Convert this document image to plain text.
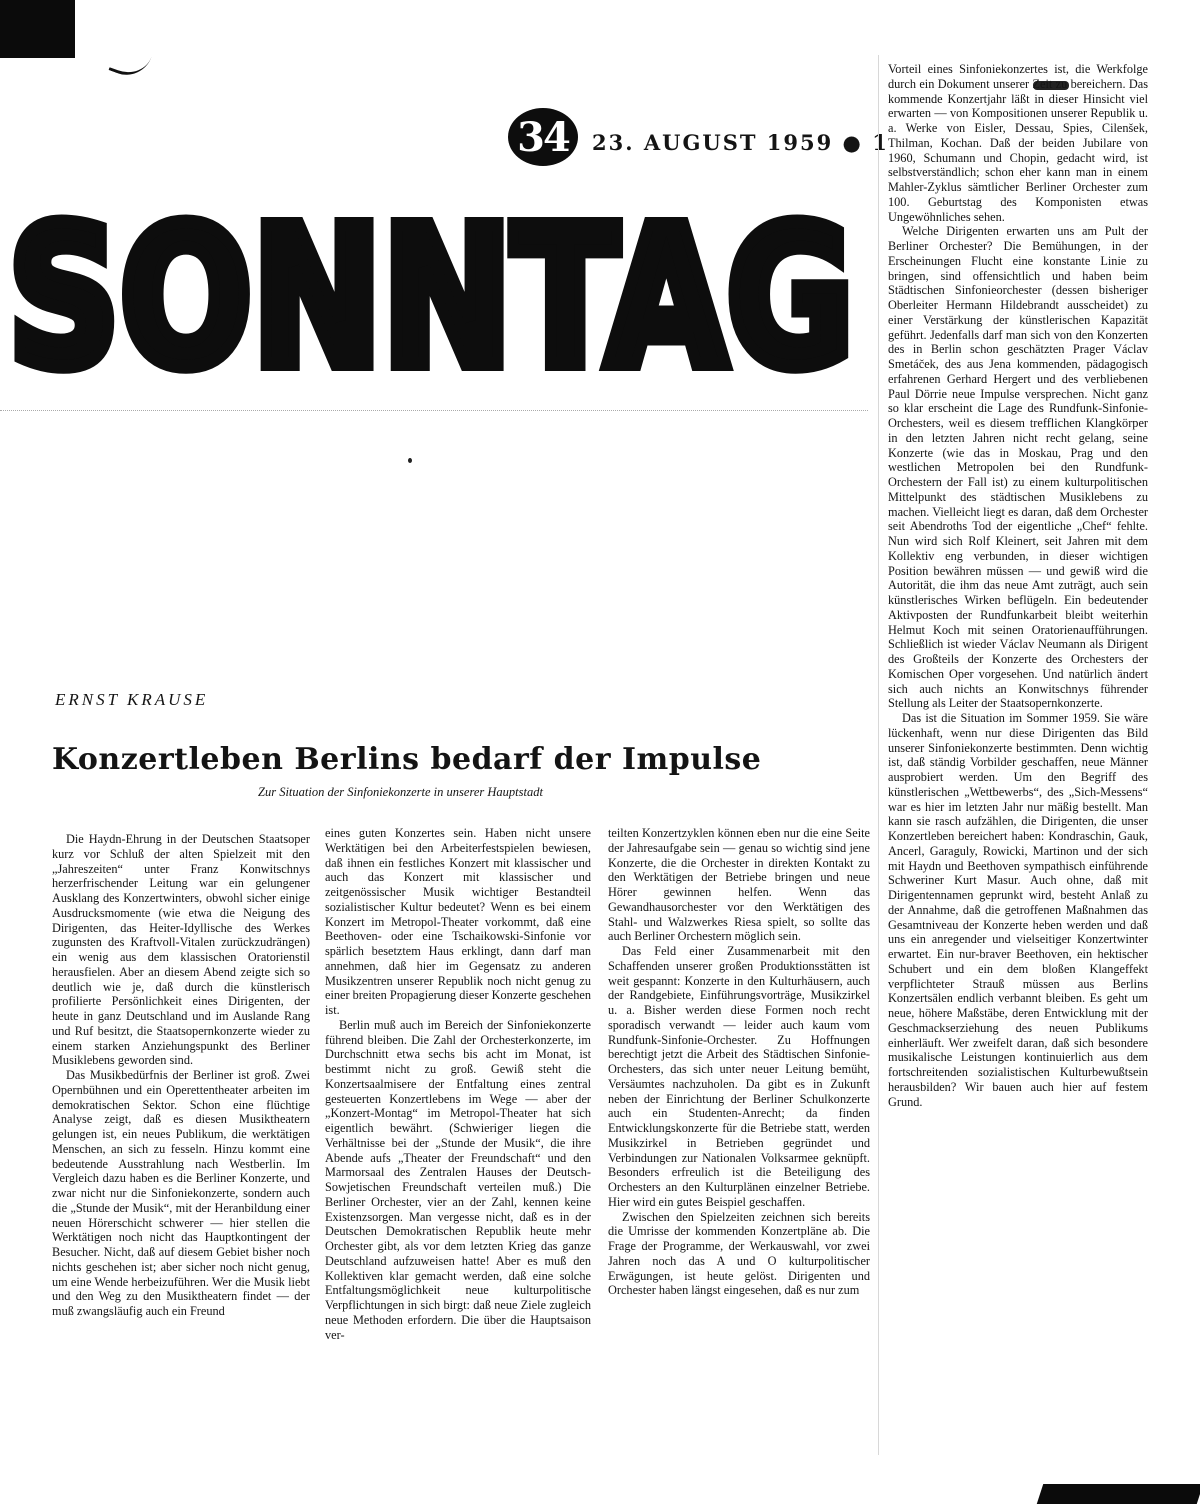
34 23. AUGUST 1959 ● 1
SONNTAG
ERNST KRAUSE
Konzertleben Berlins bedarf der Impulse
Zur Situation der Sinfoniekonzerte in unserer Hauptstadt

Die Haydn-Ehrung in der Deutschen Staatsoper kurz vor Schluß der alten Spielzeit mit den „Jahreszeiten“ unter Franz Konwitschnys herzerfrischender Leitung war ein gelungener Ausklang des Konzertwinters, obwohl sicher einige Ausdrucksmomente (wie etwa die Neigung des Dirigenten, das Heiter-Idyllische des Werkes zugunsten des Kraftvoll-Vitalen zurückzudrängen) ein wenig aus dem klassischen Oratorienstil herausfielen. Aber an diesem Abend zeigte sich so deutlich wie je, daß durch die künstlerisch profilierte Persönlichkeit eines Dirigenten, der heute in ganz Deutschland und im Auslande Rang und Ruf besitzt, die Staatsopernkonzerte wieder zu einem starken Anziehungspunkt des Berliner Musiklebens geworden sind.

Das Musikbedürfnis der Berliner ist groß. Zwei Opernbühnen und ein Operettentheater arbeiten im demokratischen Sektor. Schon eine flüchtige Analyse zeigt, daß es diesen Musiktheatern gelungen ist, ein neues Publikum, die werktätigen Menschen, an sich zu fesseln. Hinzu kommt eine bedeutende Ausstrahlung nach Westberlin. Im Vergleich dazu haben es die Berliner Konzerte, und zwar nicht nur die Sinfoniekonzerte, sondern auch die „Stunde der Musik“, mit der Heranbildung einer neuen Hörerschicht schwerer — hier stellen die Werktätigen noch nicht das Hauptkontingent der Besucher. Nicht, daß auf diesem Gebiet bisher noch nichts geschehen ist; aber sicher noch nicht genug, um eine Wende herbeizuführen. Wer die Musik liebt und den Weg zu den Musiktheatern findet — der muß zwangsläufig auch ein Freund

eines guten Konzertes sein. Haben nicht unsere Werktätigen bei den Arbeiterfestspielen bewiesen, daß ihnen ein festliches Konzert mit klassischer und auch das Konzert mit klassischer und zeitgenössischer Musik wichtiger Bestandteil sozialistischer Kultur bedeutet? Wenn es bei einem Konzert im Metropol-Theater vorkommt, daß eine Beethoven- oder eine Tschaikowski-Sinfonie vor spärlich besetztem Haus erklingt, dann darf man annehmen, daß hier im Gegensatz zu anderen Musikzentren unserer Republik noch nicht genug zu einer breiten Propagierung dieser Konzerte geschehen ist.

Berlin muß auch im Bereich der Sinfoniekonzerte führend bleiben. Die Zahl der Orchesterkonzerte, im Durchschnitt etwa sechs bis acht im Monat, ist bestimmt nicht zu groß. Gewiß steht die Konzertsaalmisere der Entfaltung eines zentral gesteuerten Konzertlebens im Wege — aber der „Konzert-Montag“ im Metropol-Theater hat sich eigentlich bewährt. (Schwieriger liegen die Verhältnisse bei der „Stunde der Musik“, die ihre Abende aufs „Theater der Freundschaft“ und den Marmorsaal des Zentralen Hauses der Deutsch-Sowjetischen Freundschaft verteilen muß.) Die Berliner Orchester, vier an der Zahl, kennen keine Existenzsorgen. Man vergesse nicht, daß es in der Deutschen Demokratischen Republik heute mehr Orchester gibt, als vor dem letzten Krieg das ganze Deutschland aufzuweisen hatte! Aber es muß den Kollektiven klar gemacht werden, daß eine solche Entfaltungsmöglichkeit neue kulturpolitische Verpflichtungen in sich birgt: daß neue Ziele zugleich neue Methoden erfordern. Die über die Hauptsaison ver-

teilten Konzertzyklen können eben nur die eine Seite der Jahresaufgabe sein — genau so wichtig sind jene Konzerte, die die Orchester in direkten Kontakt zu den Werktätigen der Betriebe bringen und neue Hörer gewinnen helfen. Wenn das Gewandhausorchester vor den Werktätigen des Stahl- und Walzwerkes Riesa spielt, so sollte das auch Berliner Orchestern möglich sein.

Das Feld einer Zusammenarbeit mit den Schaffenden unserer großen Produktionsstätten ist weit gespannt: Konzerte in den Kulturhäusern, auch der Randgebiete, Einführungsvorträge, Musikzirkel u. a. Bisher werden diese Formen noch recht sporadisch verwandt — leider auch kaum vom Rundfunk-Sinfonie-Orchester. Zu Hoffnungen berechtigt jetzt die Arbeit des Städtischen Sinfonie-Orchesters, das sich unter neuer Leitung bemüht, Versäumtes nachzuholen. Da gibt es in Zukunft neben der Einrichtung der Berliner Schulkonzerte auch ein Studenten-Anrecht; da finden Entwicklungskonzerte für die Betriebe statt, werden Musikzirkel in Betrieben gegründet und Verbindungen zur Nationalen Volksarmee geknüpft. Besonders erfreulich ist die Beteiligung des Orchesters an den Kulturplänen einzelner Betriebe. Hier wird ein gutes Beispiel geschaffen.

Zwischen den Spielzeiten zeichnen sich bereits die Umrisse der kommenden Konzertpläne ab. Die Frage der Programme, der Werkauswahl, vor zwei Jahren noch das A und O kulturpolitischer Erwägungen, ist heute gelöst. Dirigenten und Orchester haben längst eingesehen, daß es nur zum

Vorteil eines Sinfoniekonzertes ist, die Werkfolge durch ein Dokument unserer Zeit zu bereichern. Das kommende Konzertjahr läßt in dieser Hinsicht viel erwarten — von Kompositionen unserer Republik u. a. Werke von Eisler, Dessau, Spies, Cilenšek, Thilman, Kochan. Daß der beiden Jubilare von 1960, Schumann und Chopin, gedacht wird, ist selbstverständlich; schon eher kann man in einem Mahler-Zyklus sämtlicher Berliner Orchester zum 100. Geburtstag des Komponisten etwas Ungewöhnliches sehen.

Welche Dirigenten erwarten uns am Pult der Berliner Orchester? Die Bemühungen, in der Erscheinungen Flucht eine konstante Linie zu bringen, sind offensichtlich und haben beim Städtischen Sinfonieorchester (dessen bisheriger Oberleiter Hermann Hildebrandt ausscheidet) zu einer Verstärkung der künstlerischen Kapazität geführt. Jedenfalls darf man sich von den Konzerten des in Berlin schon geschätzten Prager Václav Smetáček, des aus Jena kommenden, pädagogisch erfahrenen Gerhard Hergert und des verbliebenen Paul Dörrie neue Impulse versprechen. Nicht ganz so klar erscheint die Lage des Rundfunk-Sinfonie-Orchesters, weil es diesem trefflichen Klangkörper in den letzten Jahren nicht recht gelang, seine Konzerte (wie das in Moskau, Prag und den westlichen Metropolen bei den Rundfunk-Orchestern der Fall ist) zu einem kulturpolitischen Mittelpunkt des städtischen Musiklebens zu machen. Vielleicht liegt es daran, daß dem Orchester seit Abendroths Tod der eigentliche „Chef“ fehlte. Nun wird sich Rolf Kleinert, seit Jahren mit dem Kollektiv eng verbunden, in dieser wichtigen Position bewähren müssen — und gewiß wird die Autorität, die ihm das neue Amt zuträgt, auch sein künstlerisches Wirken beflügeln. Ein bedeutender Aktivposten der Rundfunkarbeit bleibt weiterhin Helmut Koch mit seinen Oratorienaufführungen. Schließlich ist wieder Václav Neumann als Dirigent des Großteils der Konzerte des Orchesters der Komischen Oper vorgesehen. Und natürlich ändert sich auch nichts an Konwitschnys führender Stellung als Leiter der Staatsopernkonzerte.

Das ist die Situation im Sommer 1959. Sie wäre lückenhaft, wenn nur diese Dirigenten das Bild unserer Sinfoniekonzerte bestimmten. Denn wichtig ist, daß ständig Vorbilder geschaffen, neue Männer ausprobiert werden. Um den Begriff des künstlerischen „Wettbewerbs“, des „Sich-Messens“ war es hier im letzten Jahr nur mäßig bestellt. Man kann sie rasch aufzählen, die Dirigenten, die unser Konzertleben bereichert haben: Kondraschin, Gauk, Ancerl, Garaguly, Rowicki, Martinon und der sich mit Haydn und Beethoven sympathisch einführende Schweriner Kurt Masur. Auch ohne, daß mit Dirigentennamen geprunkt wird, besteht Anlaß zu der Annahme, daß die getroffenen Maßnahmen das Gesamtniveau der Konzerte heben werden und daß uns ein anregender und vielseitiger Konzertwinter erwartet. Ein nur-braver Beethoven, ein hektischer Schubert und ein dem bloßen Klangeffekt verpflichteter Strauß müssen aus Berlins Konzertsälen endlich verbannt bleiben. Es geht um neue, höhere Maßstäbe, deren Entwicklung mit der Geschmackserziehung des neuen Publikums einherläuft. Wer zweifelt daran, daß sich besondere musikalische Leistungen kontinuierlich aus dem fortschreitenden sozialistischen Kulturbewußtsein herausbilden? Wir bauen auch hier auf festem Grund.
